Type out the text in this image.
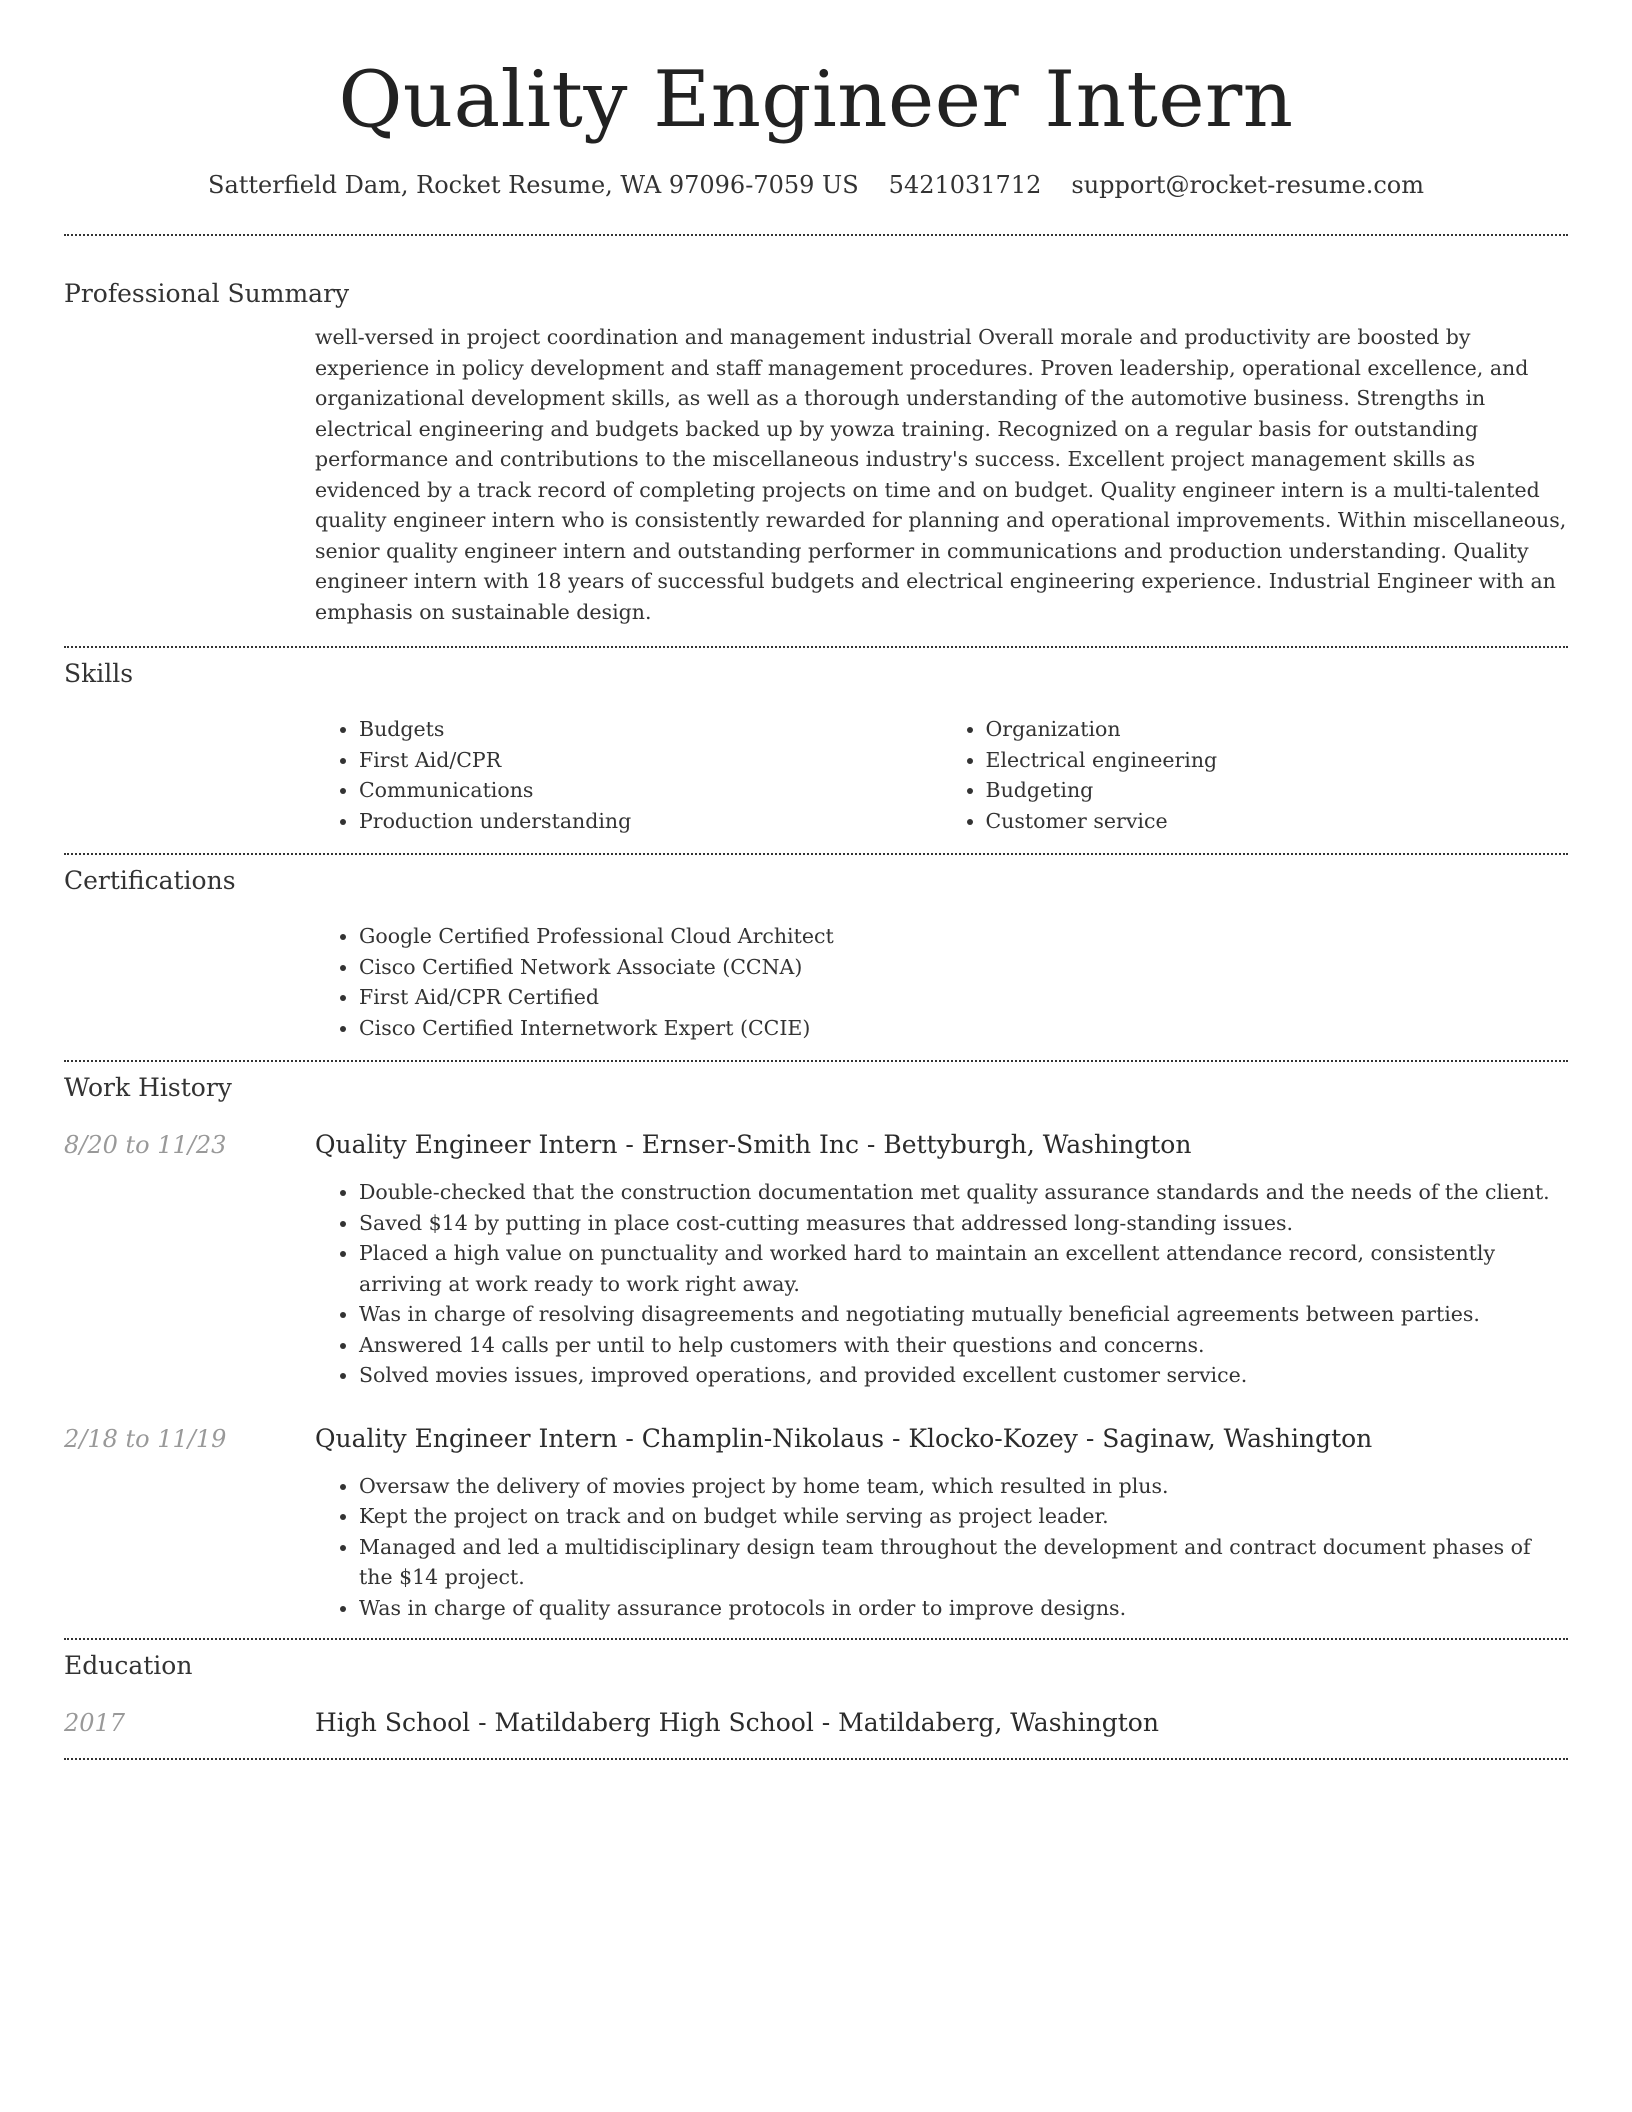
Quality Engineer Intern
Satterfield Dam, Rocket Resume, WA 97096-7059 US 5421031712 support@rocket-resume.com
Professional Summary

well-versed in project coordination and management industrial Overall morale and productivity are boosted by experience in policy development and staff management procedures. Proven leadership, operational excellence, and organizational development skills, as well as a thorough understanding of the automotive business. Strengths in electrical engineering and budgets backed up by yowza training. Recognized on a regular basis for outstanding performance and contributions to the miscellaneous industry's success. Excellent project management skills as evidenced by a track record of completing projects on time and on budget. Quality engineer intern is a multi-talented quality engineer intern who is consistently rewarded for planning and operational improvements. Within miscellaneous, senior quality engineer intern and outstanding performer in communications and production understanding. Quality engineer intern with 18 years of successful budgets and electrical engineering experience. Industrial Engineer with an emphasis on sustainable design.

Skills
• Budgets
• First Aid/CPR
• Communications
• Production understanding
• Organization
• Electrical engineering
• Budgeting
• Customer service
Certifications
• Google Certified Professional Cloud Architect
• Cisco Certified Network Associate (CCNA)
• First Aid/CPR Certified
• Cisco Certified Internetwork Expert (CCIE)
Work History
8/20 to 11/23	Quality Engineer Intern - Ernser-Smith Inc - Bettyburgh, Washington
• Double-checked that the construction documentation met quality assurance standards and the needs of the client.
• Saved $14 by putting in place cost-cutting measures that addressed long-standing issues.
• Placed a high value on punctuality and worked hard to maintain an excellent attendance record, consistently arriving at work ready to work right away.
• Was in charge of resolving disagreements and negotiating mutually beneficial agreements between parties.
• Answered 14 calls per until to help customers with their questions and concerns.
• Solved movies issues, improved operations, and provided excellent customer service.
2/18 to 11/19	Quality Engineer Intern - Champlin-Nikolaus - Klocko-Kozey - Saginaw, Washington
• Oversaw the delivery of movies project by home team, which resulted in plus.
• Kept the project on track and on budget while serving as project leader.
• Managed and led a multidisciplinary design team throughout the development and contract document phases of the $14 project.
• Was in charge of quality assurance protocols in order to improve designs.
Education
2017	High School - Matildaberg High School - Matildaberg, Washington
